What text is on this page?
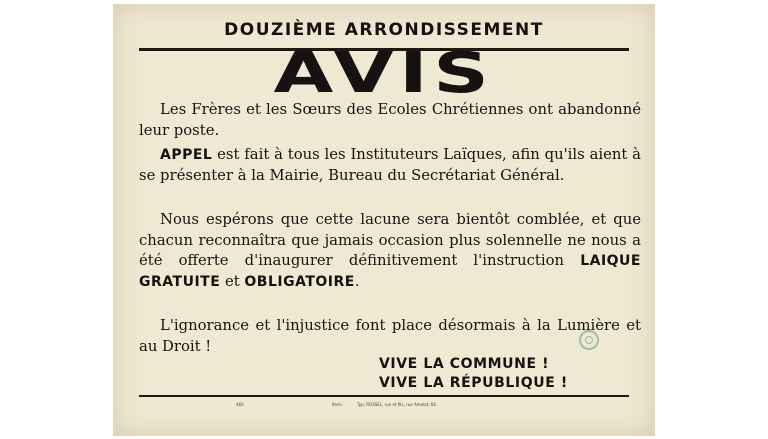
DOUZIÈME ARRONDISSEMENT
AVIS
Les Frères et les Sœurs des Ecoles Chrétiennes ont abandonné leur poste.
APPEL est fait à tous les Instituteurs Laïques, afin qu'ils aient à se présenter à la Mairie, Bureau du Secrétariat Général.
Nous espérons que cette lacune sera bientôt comblée, et que chacun reconnaîtra que jamais occasion plus solennelle ne nous a été offerte d'inaugurer définitivement l'instruction LAIQUE GRATUITE et OBLIGATOIRE.
L'ignorance et l'injustice font place désormais à la Lumière et au Droit !
VIVE LA COMMUNE !
VIVE LA RÉPUBLIQUE !
460	Paris.	Typ. ROSSEL, rue et fils, rue Amelot, 64.
